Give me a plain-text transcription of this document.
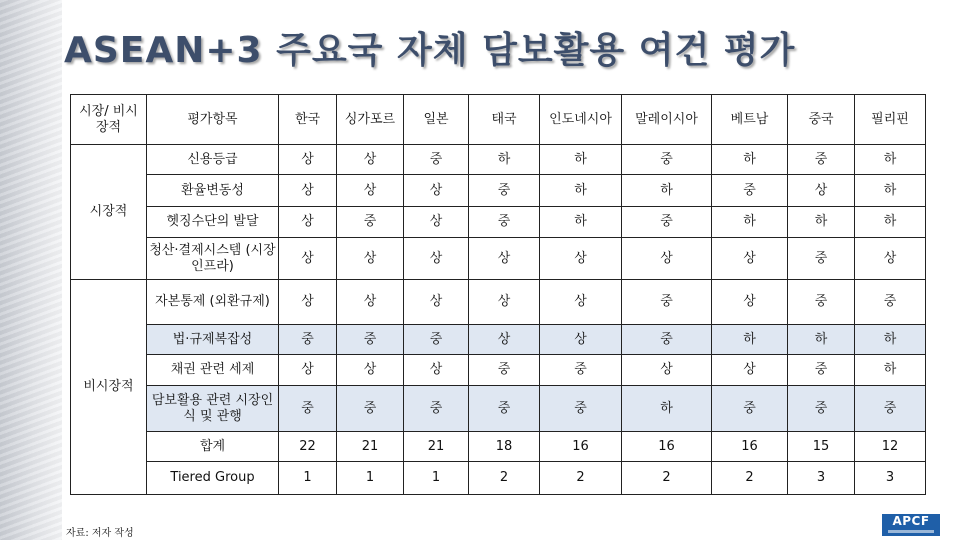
ASEAN+3 주요국 자체 담보활용 여건 평가
시장/ 비시장적	평가항목	한국	싱가포르	일본	태국	인도네시아	말레이시아	베트남	중국	필리핀
시장적	신용등급	상	상	중	하	하	중	하	중	하
	환율변동성	상	상	상	중	하	하	중	상	하
	헷징수단의 발달	상	중	상	중	하	중	하	하	하
	청산·결제시스템 (시장인프라)	상	상	상	상	상	상	상	중	상
비시장적	자본통제 (외환규제)	상	상	상	상	상	중	상	중	중
	법·규제복잡성	중	중	중	상	상	중	하	하	하
	채권 관련 세제	상	상	상	중	중	상	상	중	하
	담보활용 관련 시장인식 및 관행	중	중	중	중	중	하	중	중	중
	합계	22	21	21	18	16	16	16	15	12
	Tiered Group	1	1	1	2	2	2	2	3	3
자료: 저자 작성
APCF
